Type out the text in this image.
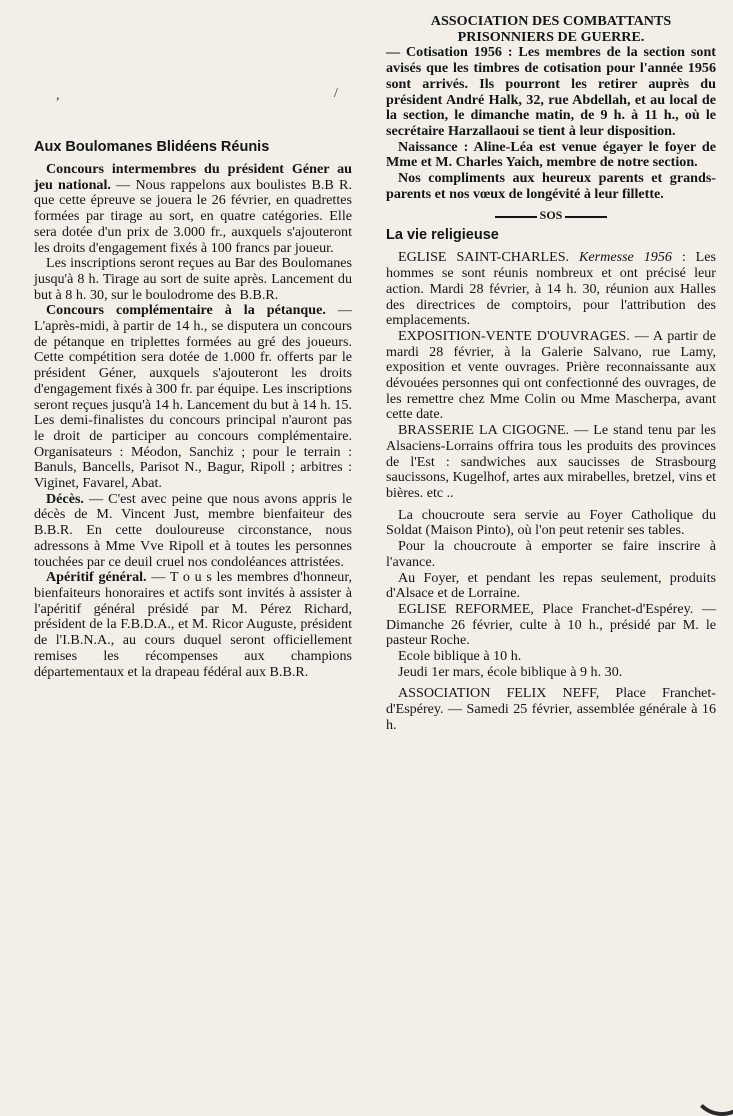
Aux Boulomanes Blidéens Réunis

Concours intermembres du président Géner au jeu national. — Nous rappelons aux boulistes B.B R. que cette épreuve se jouera le 26 février, en quadrettes formées par tirage au sort, en quatre catégories. Elle sera dotée d'un prix de 3.000 fr., auxquels s'ajouteront les droits d'engagement fixés à 100 francs par joueur.

Les inscriptions seront reçues au Bar des Boulomanes jusqu'à 8 h. Tirage au sort de suite après. Lancement du but à 8 h. 30, sur le boulodrome des B.B.R.

Concours complémentaire à la pétanque. — L'après-midi, à partir de 14 h., se disputera un concours de pétanque en triplettes formées au gré des joueurs. Cette compétition sera dotée de 1.000 fr. offerts par le président Géner, auxquels s'ajouteront les droits d'engagement fixés à 300 fr. par équipe. Les inscriptions seront reçues jusqu'à 14 h. Lancement du but à 14 h. 15. Les demi-finalistes du concours principal n'auront pas le droit de participer au concours complémentaire. Organisateurs : Méodon, Sanchiz ; pour le terrain : Banuls, Bancells, Parisot N., Bagur, Ripoll ; arbitres : Viginet, Favarel, Abat.

Décès. — C'est avec peine que nous avons appris le décès de M. Vincent Just, membre bienfaiteur des B.B.R. En cette douloureuse circonstance, nous adressons à Mme Vve Ripoll et à toutes les personnes touchées par ce deuil cruel nos condoléances attristées.

Apéritif général. — T o u s les membres d'honneur, bienfaiteurs honoraires et actifs sont invités à assister à l'apéritif général présidé par M. Pérez Richard, président de la F.B.D.A., et M. Ricor Auguste, président de l'I.B.N.A., au cours duquel seront officiellement remises les récompenses aux champions départementaux et la drapeau fédéral aux B.B.R.

ASSOCIATION DES COMBATTANTS PRISONNIERS DE GUERRE.
— Cotisation 1956 : Les membres de la section sont avisés que les timbres de cotisation pour l'année 1956 sont arrivés. Ils pourront les retirer auprès du président André Halk, 32, rue Abdellah, et au local de la section, le dimanche matin, de 9 h. à 11 h., où le secrétaire Harzallaoui se tient à leur disposition.

Naissance : Aline-Léa est venue égayer le foyer de Mme et M. Charles Yaich, membre de notre section.

Nos compliments aux heureux parents et grands-parents et nos vœux de longévité à leur fillette.

SOS

La vie religieuse

EGLISE SAINT-CHARLES. Kermesse 1956 : Les hommes se sont réunis nombreux et ont précisé leur action. Mardi 28 février, à 14 h. 30, réunion aux Halles des directrices de comptoirs, pour l'attribution des emplacements.

EXPOSITION-VENTE D'OUVRAGES. — A partir de mardi 28 février, à la Galerie Salvano, rue Lamy, exposition et vente ouvrages. Prière reconnaissante aux dévouées personnes qui ont confectionné des ouvrages, de les remettre chez Mme Colin ou Mme Mascherpa, avant cette date.

BRASSERIE LA CIGOGNE. — Le stand tenu par les Alsaciens-Lorrains offrira tous les produits des provinces de l'Est : sandwiches aux saucisses de Strasbourg saucissons, Kugelhof, artes aux mirabelles, bretzel, vins et bières. etc ..

La choucroute sera servie au Foyer Catholique du Soldat (Maison Pinto), où l'on peut retenir ses tables.

Pour la choucroute à emporter se faire inscrire à l'avance.

Au Foyer, et pendant les repas seulement, produits d'Alsace et de Lorraine.

EGLISE REFORMEE, Place Franchet-d'Espérey. — Dimanche 26 février, culte à 10 h., présidé par M. le pasteur Roche.

Ecole biblique à 10 h.

Jeudi 1er mars, école biblique à 9 h. 30.

ASSOCIATION FELIX NEFF, Place Franchet-d'Espérey. — Samedi 25 février, assemblée générale à 16 h.

,	/
